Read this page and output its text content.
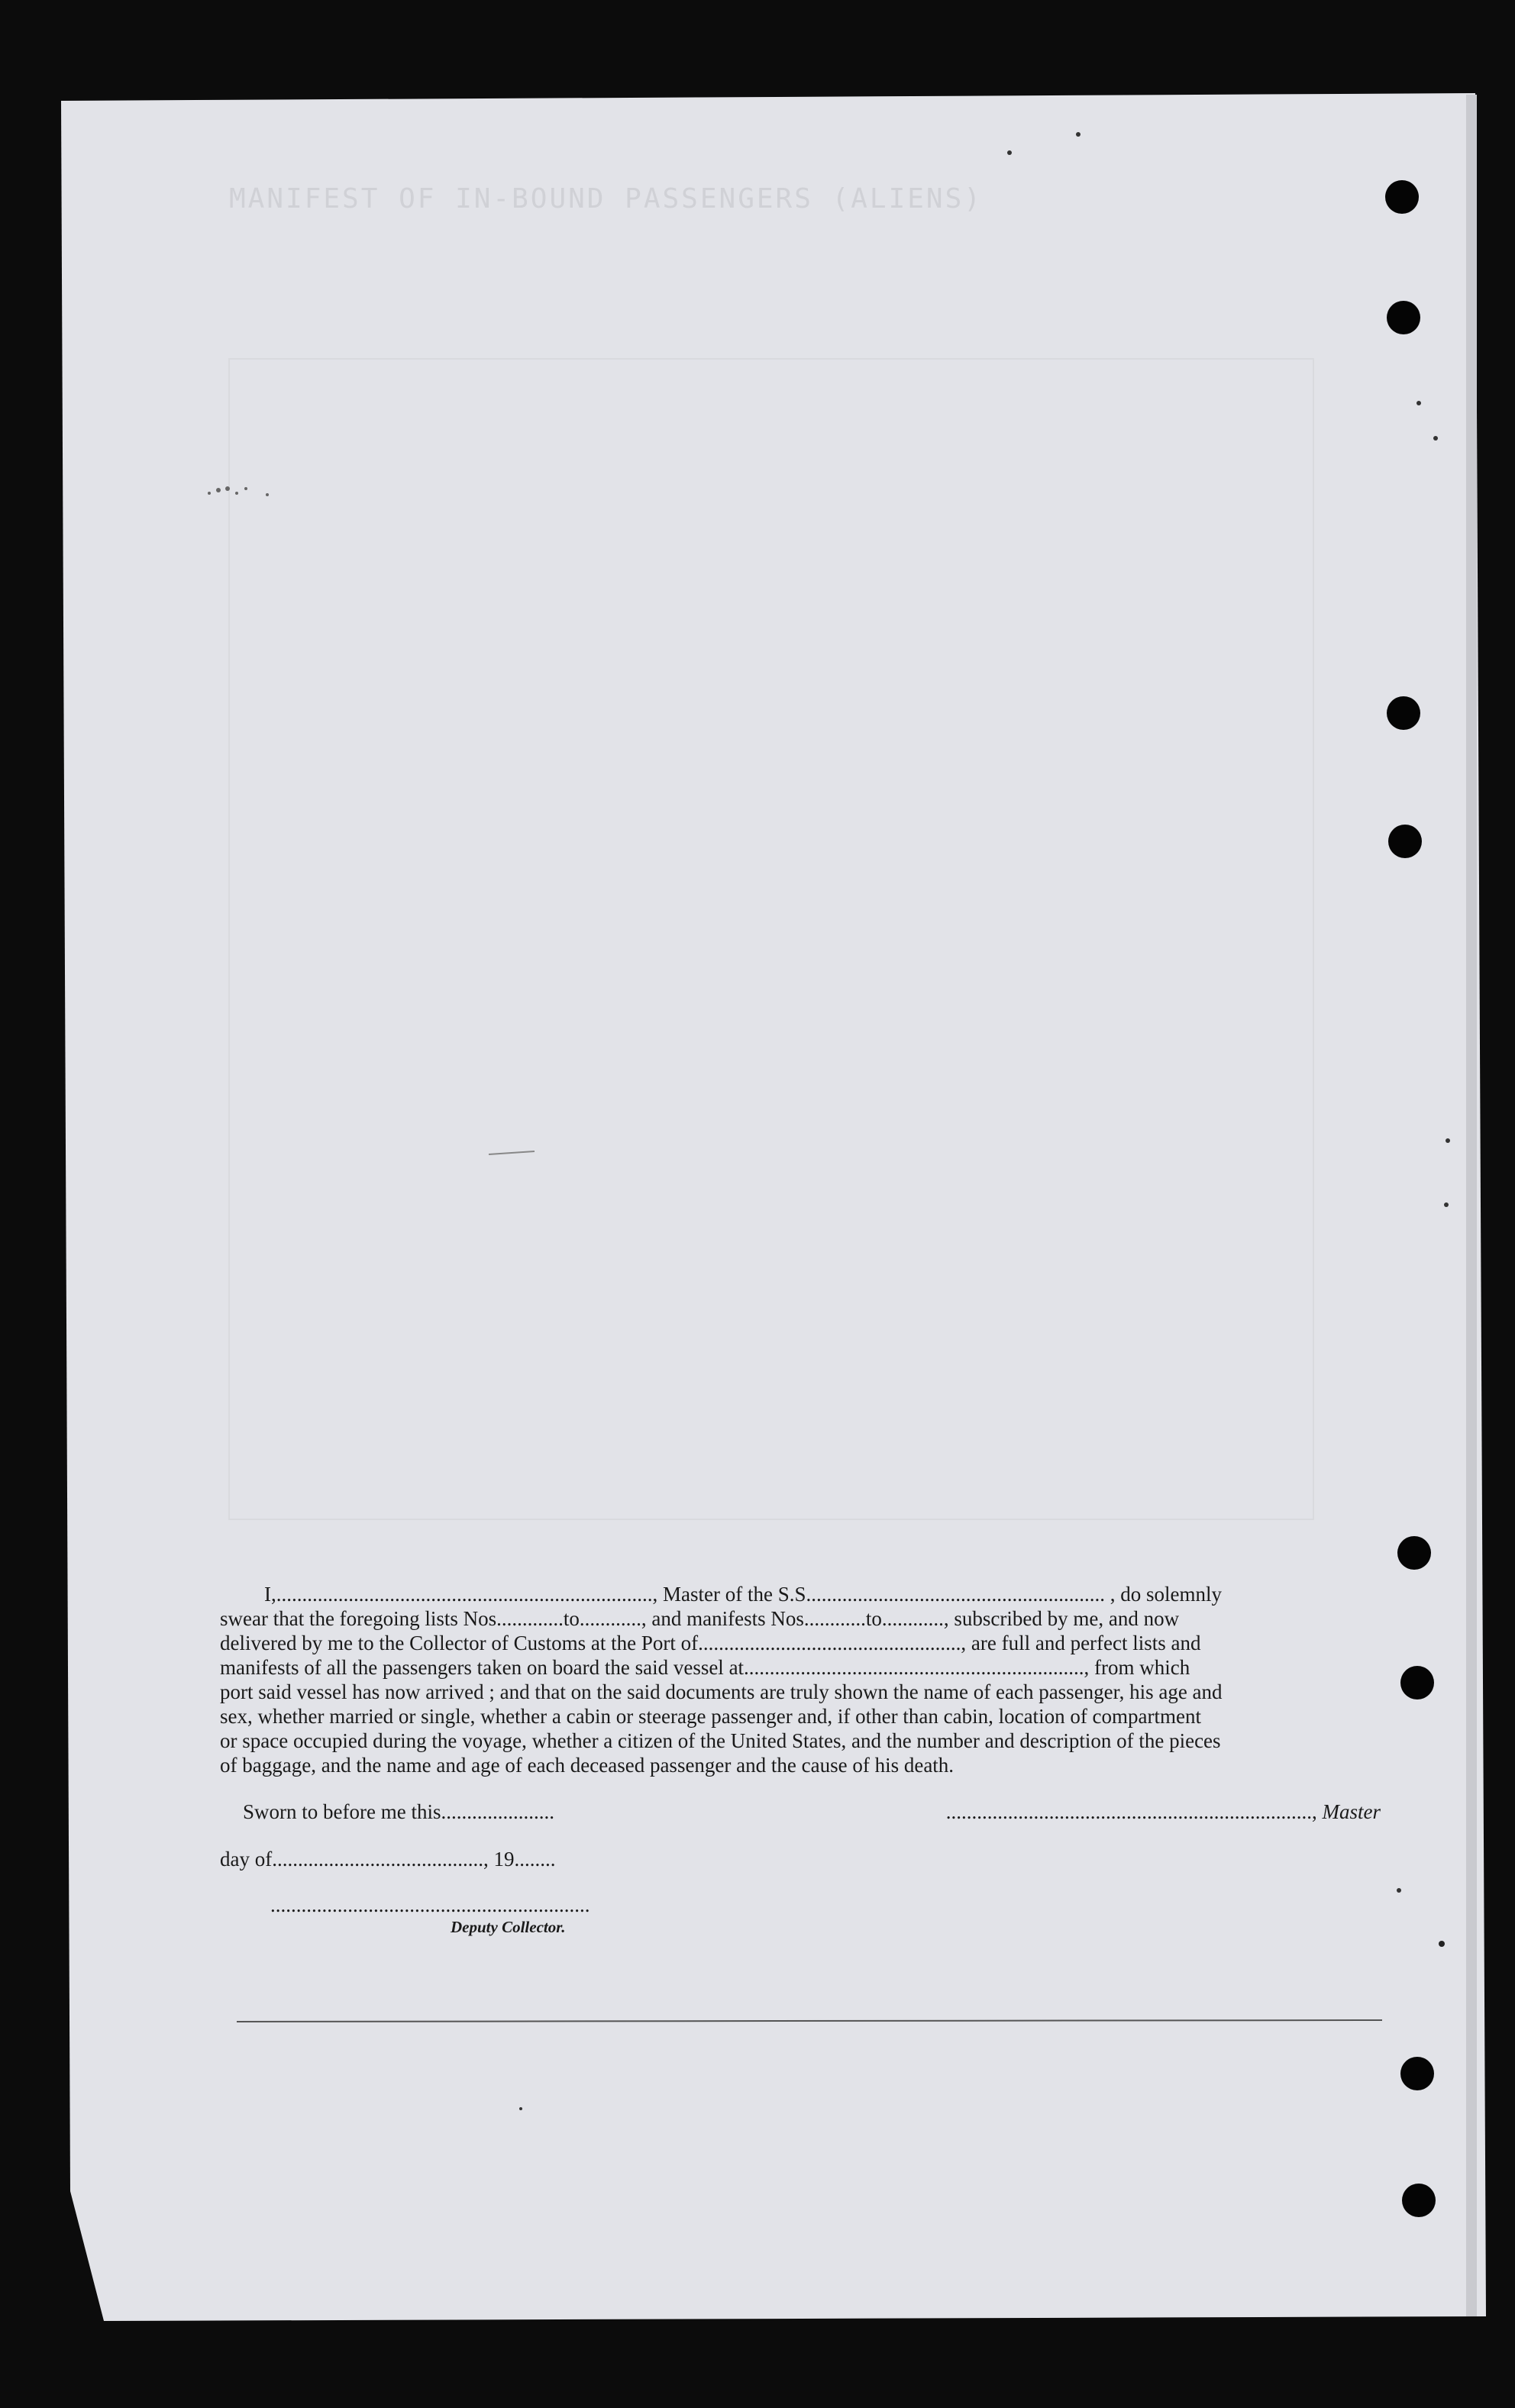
MANIFEST OF IN-BOUND PASSENGERS (ALIENS)

I,........................................................................., Master of the S.S.......................................................... , do solemnly

swear that the foregoing lists Nos.............to............, and manifests Nos............to............, subscribed by me, and now

delivered by me to the Collector of Customs at the Port of..................................................., are full and perfect lists and

manifests of all the passengers taken on board the said vessel at.................................................................., from which

port said vessel has now arrived ; and that on the said documents are truly shown the name of each passenger, his age and

sex, whether married or single, whether a cabin or steerage passenger and, if other than cabin, location of compartment

or space occupied during the voyage, whether a citizen of the United States, and the number and description of the pieces

of baggage, and the name and age of each deceased passenger and the cause of his death.

Sworn to before me this......................	......................................................................., Master
day of........................................., 19........
..............................................................
Deputy Collector.
